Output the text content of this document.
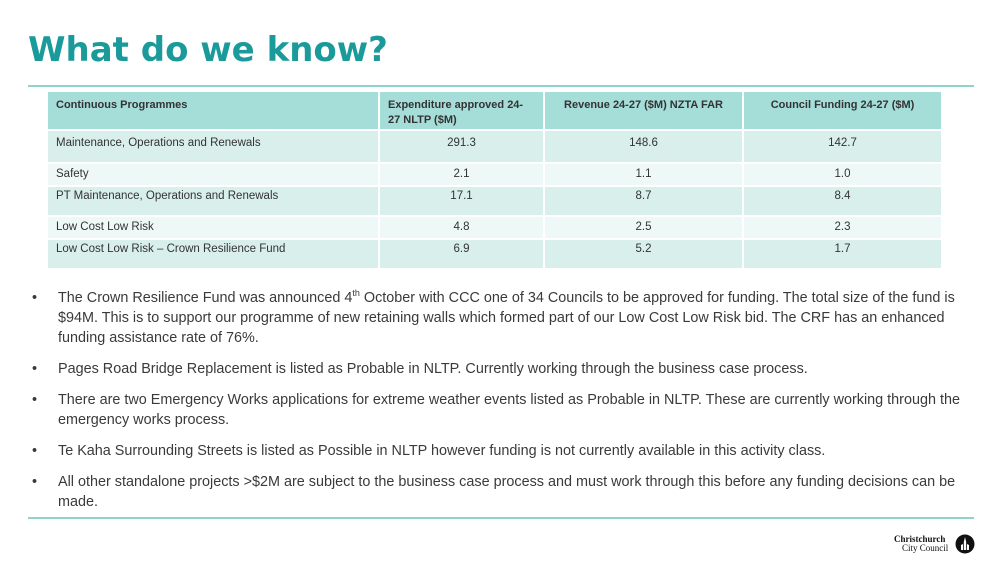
What do we know?
Continuous Programmes	Expenditure approved 24-27 NLTP ($M)	Revenue 24-27 ($M) NZTA FAR	Council Funding 24-27 ($M)
Maintenance, Operations and Renewals	291.3	148.6	142.7
Safety	2.1	1.1	1.0
PT Maintenance, Operations and Renewals	17.1	8.7	8.4
Low Cost Low Risk	4.8	2.5	2.3
Low Cost Low Risk – Crown Resilience Fund	6.9	5.2	1.7
• The Crown Resilience Fund was announced 4th October with CCC one of 34 Councils to be approved for funding. The total size of the fund is $94M. This is to support our programme of new retaining walls which formed part of our Low Cost Low Risk bid. The CRF has an enhanced funding assistance rate of 76%.
• Pages Road Bridge Replacement is listed as Probable in NLTP. Currently working through the business case process.
• There are two Emergency Works applications for extreme weather events listed as Probable in NLTP. These are currently working through the emergency works process.
• Te Kaha Surrounding Streets is listed as Possible in NLTP however funding is not currently available in this activity class.
• All other standalone projects >$2M are subject to the business case process and must work through this before any funding decisions can be made.
Christchurch
City Council
